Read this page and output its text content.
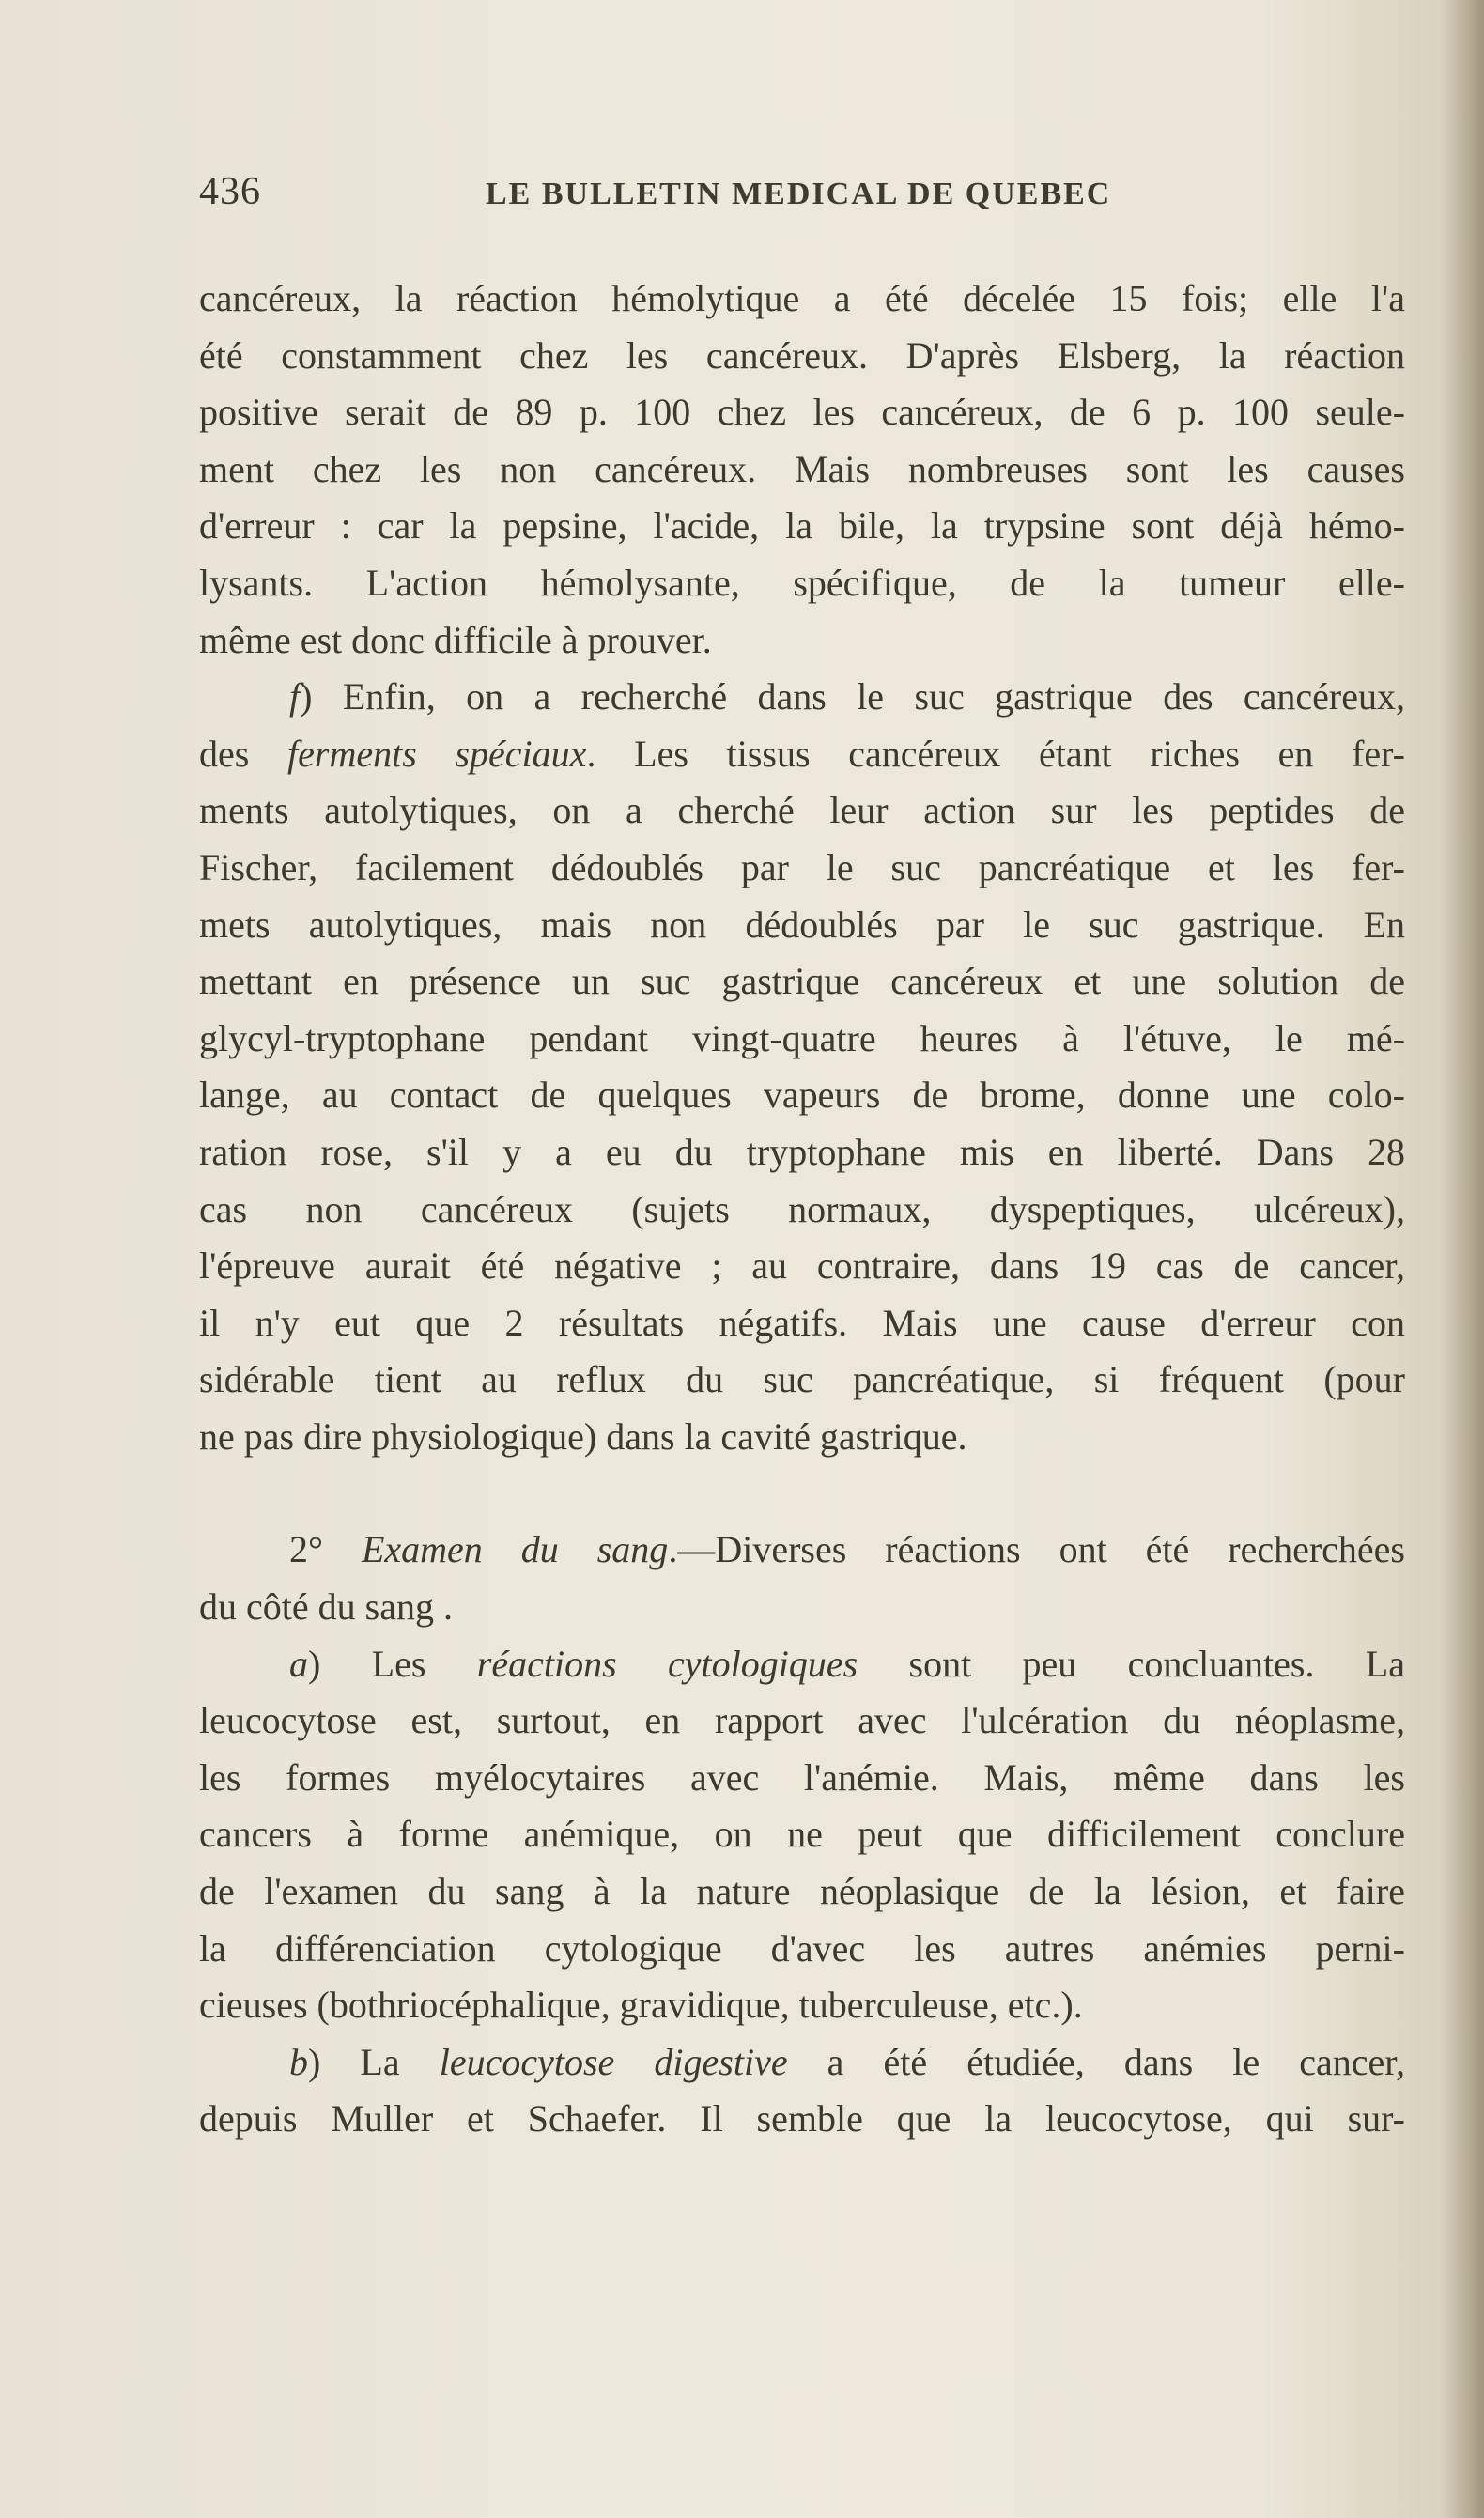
436	LE BULLETIN MEDICAL DE QUEBEC
cancéreux, la réaction hémolytique a été décelée 15 fois; elle l'a
été constamment chez les cancéreux. D'après Elsberg, la réaction
positive serait de 89 p. 100 chez les cancéreux, de 6 p. 100 seule-
ment chez les non cancéreux. Mais nombreuses sont les causes
d'erreur : car la pepsine, l'acide, la bile, la trypsine sont déjà hémo-
lysants. L'action hémolysante, spécifique, de la tumeur elle-
même est donc difficile à prouver.
f) Enfin, on a recherché dans le suc gastrique des cancéreux,
des ferments spéciaux. Les tissus cancéreux étant riches en fer-
ments autolytiques, on a cherché leur action sur les peptides de
Fischer, facilement dédoublés par le suc pancréatique et les fer-
mets autolytiques, mais non dédoublés par le suc gastrique. En
mettant en présence un suc gastrique cancéreux et une solution de
glycyl-tryptophane pendant vingt-quatre heures à l'étuve, le mé-
lange, au contact de quelques vapeurs de brome, donne une colo-
ration rose, s'il y a eu du tryptophane mis en liberté. Dans 28
cas non cancéreux (sujets normaux, dyspeptiques, ulcéreux),
l'épreuve aurait été négative ; au contraire, dans 19 cas de cancer,
il n'y eut que 2 résultats négatifs. Mais une cause d'erreur con
sidérable tient au reflux du suc pancréatique, si fréquent (pour
ne pas dire physiologique) dans la cavité gastrique.
2° Examen du sang.—Diverses réactions ont été recherchées
du côté du sang .
a) Les réactions cytologiques sont peu concluantes. La
leucocytose est, surtout, en rapport avec l'ulcération du néoplasme,
les formes myélocytaires avec l'anémie. Mais, même dans les
cancers à forme anémique, on ne peut que difficilement conclure
de l'examen du sang à la nature néoplasique de la lésion, et faire
la différenciation cytologique d'avec les autres anémies perni-
cieuses (bothriocéphalique, gravidique, tuberculeuse, etc.).
b) La leucocytose digestive a été étudiée, dans le cancer,
depuis Muller et Schaefer. Il semble que la leucocytose, qui sur-
